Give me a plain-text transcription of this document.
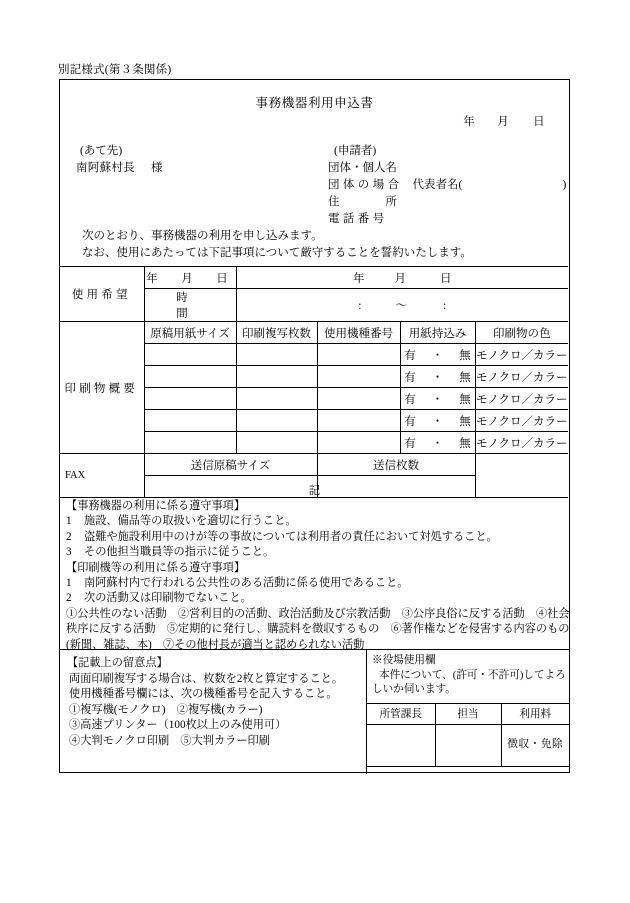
別記様式(第３条関係)
事務機器利用申込書
年 月 日
(あて先)
南阿蘇村長 様
(申請者)
団体・個人名
団体の場合 代表者名(	)
住	所
電話番号
次のとおり、事務機器の利用を申し込みます。
なお、使用にあたっては下記事項について厳守することを誓約いたします。
使用希望	年　月　日	年 月 日			
	時　　間	: 〜 :			
印刷物概要	原稿用紙サイズ	印刷複写枚数	使用機種番号	用紙持込み	印刷物の色
				有 ・ 無	モノクロ／カラー
				有 ・ 無	モノクロ／カラー
				有 ・ 無	モノクロ／カラー
				有 ・ 無	モノクロ／カラー
				有 ・ 無	モノクロ／カラー
FAX	送信原稿サイズ		送信枚数		

記
【事務機器の利用に係る遵守事項】
1 施設、備品等の取扱いを適切に行うこと。
2 盗難や施設利用中のけが等の事故については利用者の責任において対処すること。
3 その他担当職員等の指示に従うこと。
【印刷機等の利用に係る遵守事項】
1 南阿蘇村内で行われる公共性のある活動に係る使用であること。
2 次の活動又は印刷物でないこと。
①公共性のない活動　②営利目的の活動、政治活動及び宗教活動　③公序良俗に反する活動　④社会
秩序に反する活動　⑤定期的に発行し、購読料を徴収するもの　⑥著作権などを侵害する内容のもの
(新聞、雑誌、本)　⑦その他村長が適当と認められない活動
【記載上の留意点】
両面印刷複写する場合は、枚数を2枚と算定すること。
使用機種番号欄には、次の機種番号を記入すること。
①複写機(モノクロ)　②複写機(カラー)
③高速プリンター（100枚以上のみ使用可）
④大判モノクロ印刷　⑤大判カラー印刷
※役場使用欄
本件について、(許可・不許可)してよろ
しいか伺います。
所管課長	担当	利用料
		徴収・免除
